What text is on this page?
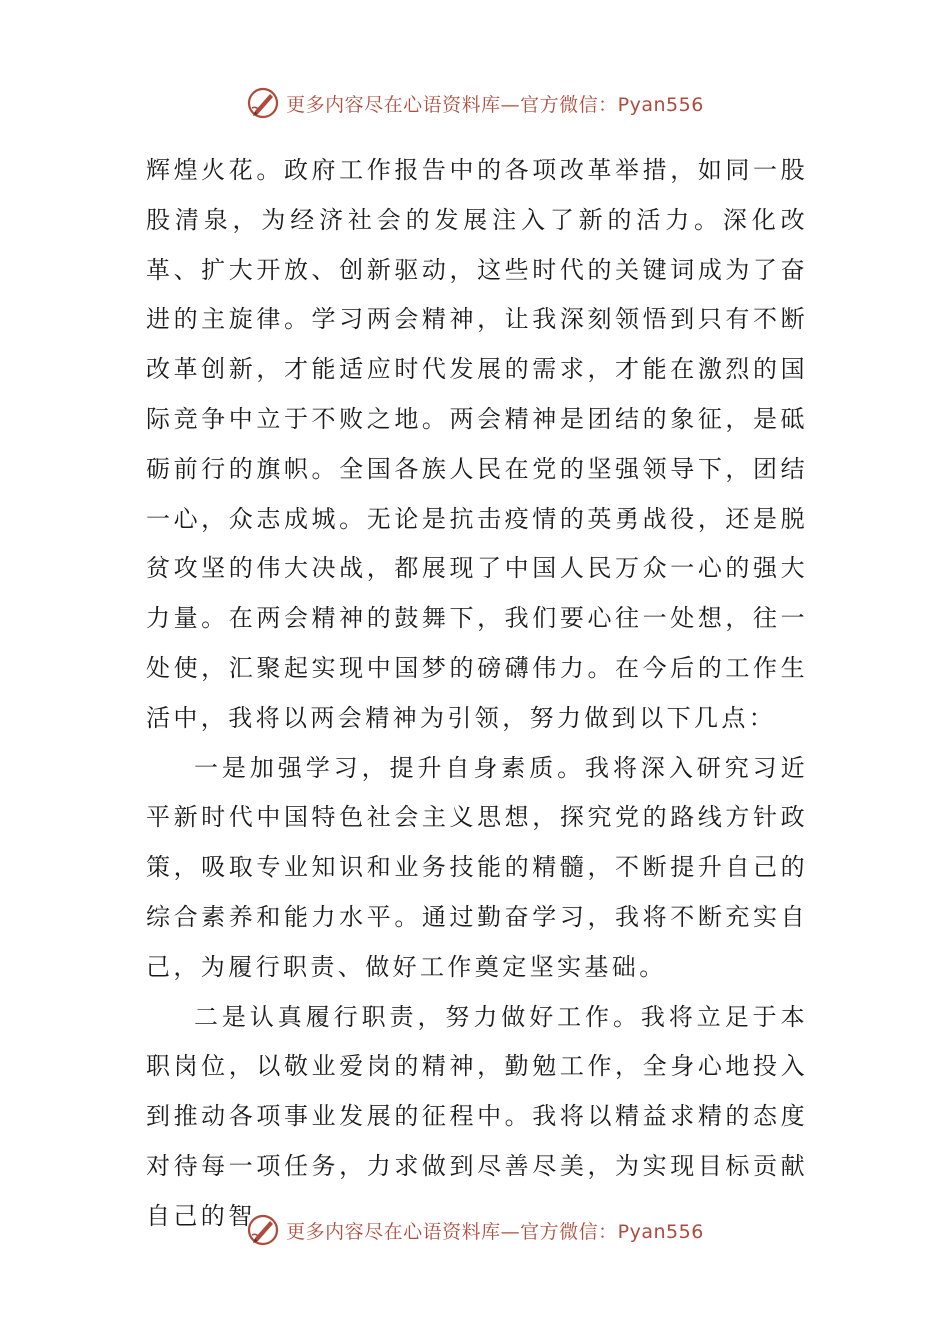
更多内容尽在心语资料库—官方微信：Pyan556

辉煌火花。政府工作报告中的各项改革举措，如同一股股清泉，为经济社会的发展注入了新的活力。深化改革、扩大开放、创新驱动，这些时代的关键词成为了奋进的主旋律。学习两会精神，让我深刻领悟到只有不断改革创新，才能适应时代发展的需求，才能在激烈的国际竞争中立于不败之地。两会精神是团结的象征，是砥砺前行的旗帜。全国各族人民在党的坚强领导下，团结一心，众志成城。无论是抗击疫情的英勇战役，还是脱贫攻坚的伟大决战，都展现了中国人民万众一心的强大力量。在两会精神的鼓舞下，我们要心往一处想，往一处使，汇聚起实现中国梦的磅礴伟力。在今后的工作生活中，我将以两会精神为引领，努力做到以下几点：

一是加强学习，提升自身素质。我将深入研究习近平新时代中国特色社会主义思想，探究党的路线方针政策，吸取专业知识和业务技能的精髓，不断提升自己的综合素养和能力水平。通过勤奋学习，我将不断充实自己，为履行职责、做好工作奠定坚实基础。

二是认真履行职责，努力做好工作。我将立足于本职岗位，以敬业爱岗的精神，勤勉工作，全身心地投入到推动各项事业发展的征程中。我将以精益求精的态度对待每一项任务，力求做到尽善尽美，为实现目标贡献自己的智

更多内容尽在心语资料库—官方微信：Pyan556
